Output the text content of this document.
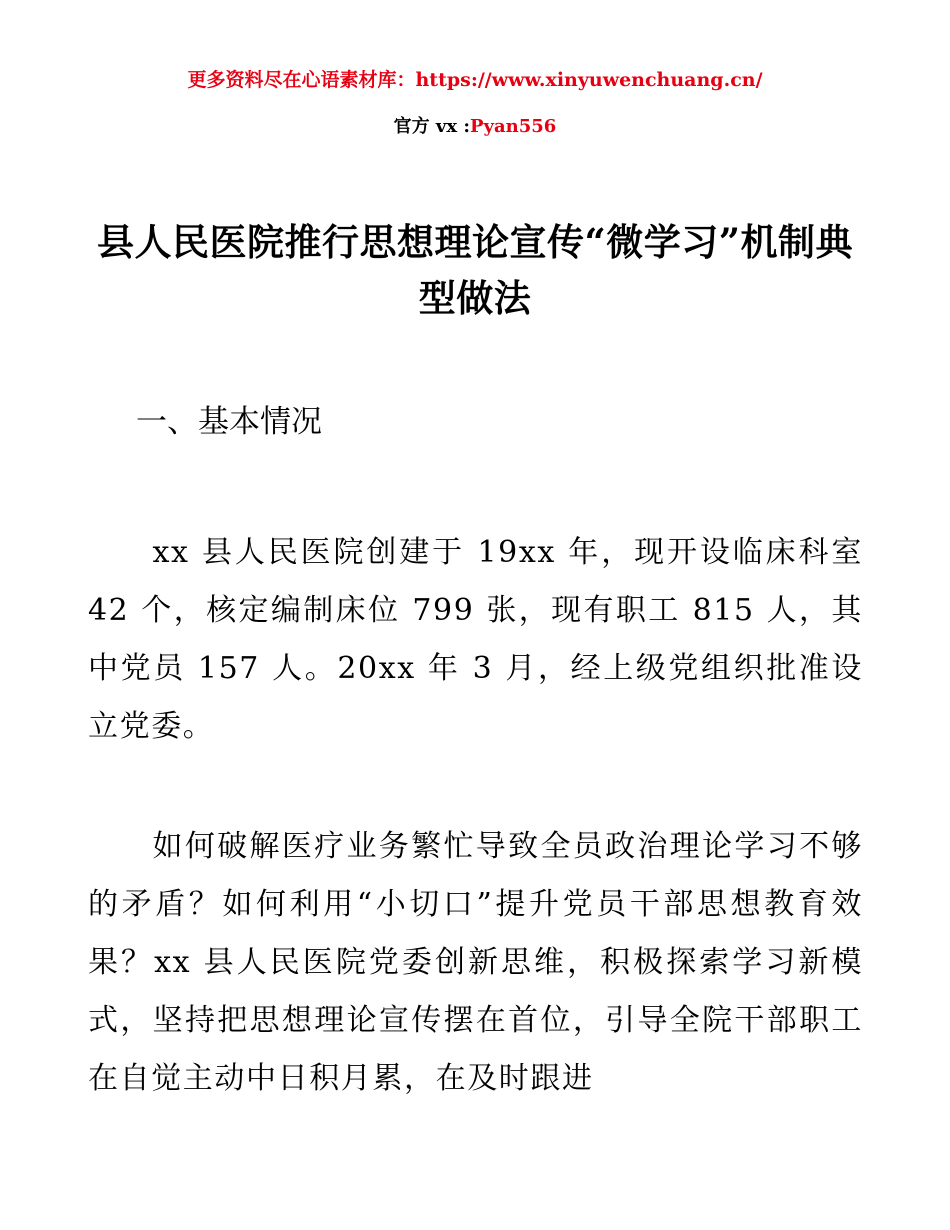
更多资料尽在心语素材库：https://www.xinyuwenchuang.cn/
官方 vx :Pyan556
县人民医院推行思想理论宣传“微学习”机制典型做法
一、基本情况
xx 县人民医院创建于 19xx 年，现开设临床科室 42 个，核定编制床位 799 张，现有职工 815 人，其中党员 157 人。20xx 年 3 月，经上级党组织批准设立党委。
如何破解医疗业务繁忙导致全员政治理论学习不够的矛盾？如何利用“小切口”提升党员干部思想教育效果？xx 县人民医院党委创新思维，积极探索学习新模式，坚持把思想理论宣传摆在首位，引导全院干部职工在自觉主动中日积月累，在及时跟进
